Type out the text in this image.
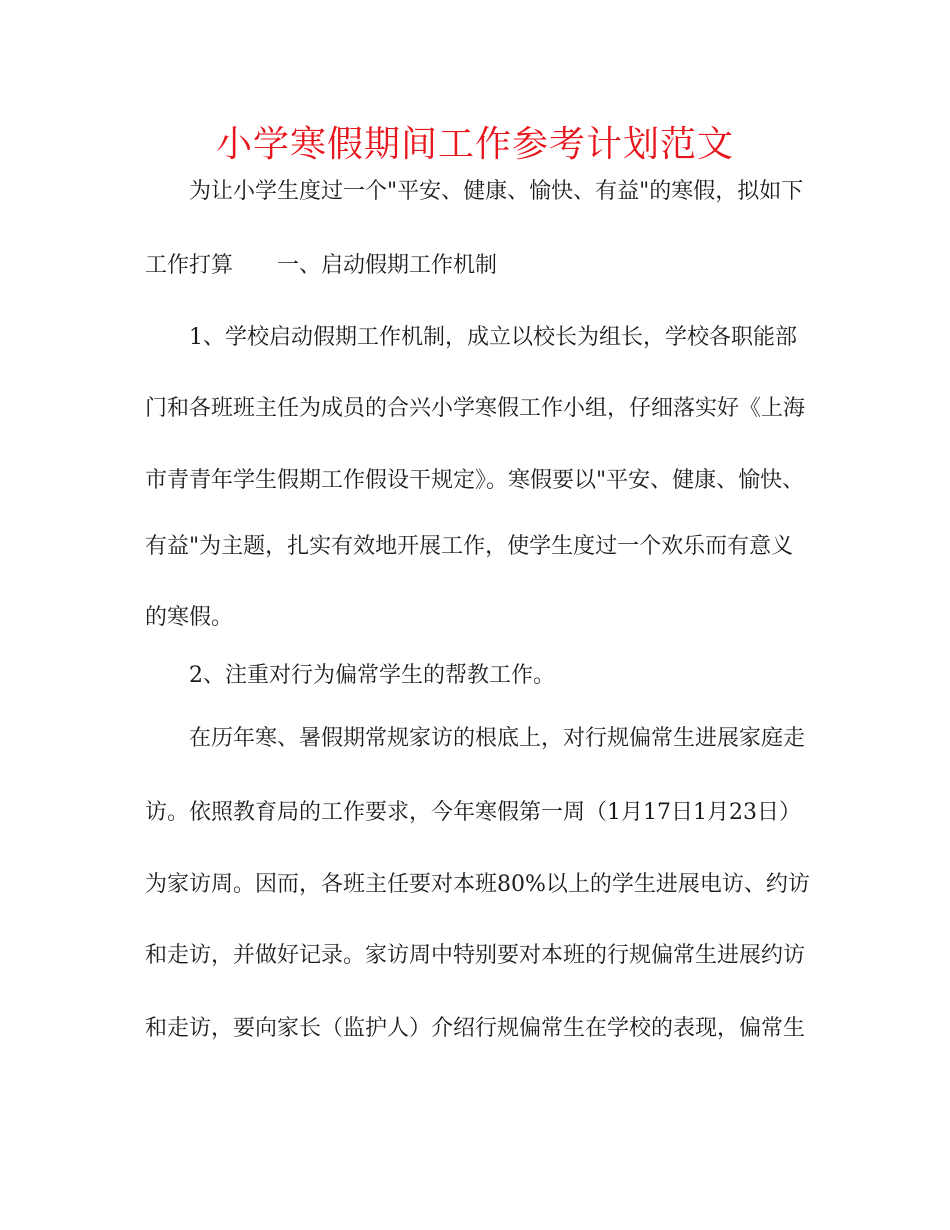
小学寒假期间工作参考计划范文
为让小学生度过一个"平安、健康、愉快、有益"的寒假，拟如下
工作打算　　一、启动假期工作机制
1、学校启动假期工作机制，成立以校长为组长，学校各职能部
门和各班班主任为成员的合兴小学寒假工作小组，仔细落实好《上海
市青青年学生假期工作假设干规定》。寒假要以"平安、健康、愉快、
有益"为主题，扎实有效地开展工作，使学生度过一个欢乐而有意义
的寒假。
2、注重对行为偏常学生的帮教工作。
在历年寒、暑假期常规家访的根底上，对行规偏常生进展家庭走
访。依照教育局的工作要求，今年寒假第一周（1月17日1月23日）
为家访周。因而，各班主任要对本班80%以上的学生进展电访、约访
和走访，并做好记录。家访周中特别要对本班的行规偏常生进展约访
和走访，要向家长（监护人）介绍行规偏常生在学校的表现，偏常生
